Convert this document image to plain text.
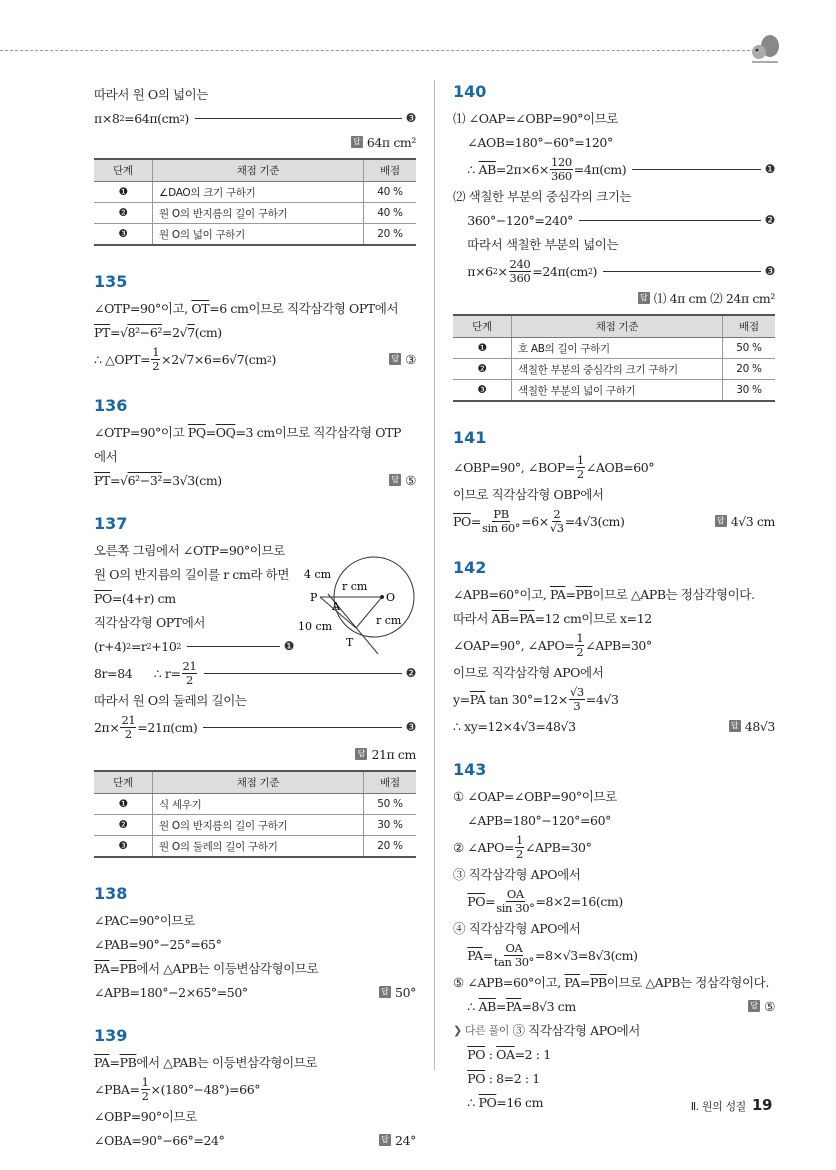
따라서 원 O의 넓이는
π×8 2 =64π(cm 2 )	❸
답 64π cm²
단계	채점 기준	배점
❶	∠DAO의 크기 구하기	40 %
❷	원 O의 반지름의 길이 구하기	40 %
❸	원 O의 넓이 구하기	20 %
135
∠OTP=90°이고, $\overline{OT} =6$ cm이므로 직각삼각형 OPT에서
$\overline{PT}$ =√ 8²−6² =2√ 7 (cm)
∴ △OPT= $\frac{1}{2} \times 2√7\times 6=6√7(cm$ 2 )	답 ③
136
∠OTP=90°이고 $\overline{PQ} = \overline{OQ} =3$ cm이므로 직각삼각형 OTP
에서
$\overline{PT}$ =√ 6²−3² =3√3(cm)	답 ⑤
137
오른쪽 그림에서 ∠OTP=90°이므로
원 O의 반지름의 길이를 r cm라 하면
$\overline{PO} =(4+r)$ cm
직각삼각형 OPT에서
(r+4) 2 =r 2 +10 2	❶
8r=84      ∴ $r= \frac{21}{2}$	❷
따라서 원 O의 둘레의 길이는
$2\pi\times \frac{21}{2} =21\pi(cm)$	❸
답 21π cm
단계	채점 기준	배점
❶	식 세우기	50 %
❷	원 O의 반지름의 길이 구하기	30 %
❸	원 O의 둘레의 길이 구하기	20 %
4 cm
r cm
P
A
O
10 cm	r cm
T
138
∠PAC=90°이므로
∠PAB=90°−25°=65°
$\overline{PA} = \overline{PB}$ 에서 △APB는 이등변삼각형이므로
∠APB=180°−2×65°=50°	답 50°
139
$\overline{PA} = \overline{PB}$ 에서 △PAB는 이등변삼각형이므로
∠PBA= $\frac{1}{2} \times(180^\circ-48^\circ)=66^\circ$
∠OBP=90°이므로
∠OBA=90°−66°=24°	답 24°
140
⑴ ∠OAP=∠OBP=90°이므로
∠AOB=180°−60°=120°
∴ $\overline{AB} =2\pi\times 6\times \frac{120}{360} =4\pi(cm)$	❶
⑵ 색칠한 부분의 중심각의 크기는
360°−120°=240°	❷
따라서 색칠한 부분의 넓이는
π×6 $2 \times \frac{240}{360} =24\pi(cm$ 2 )	❸
답 ⑴ 4π cm ⑵ 24π cm²
단계	채점 기준	배점
❶	호 AB의 길이 구하기	50 %
❷	색칠한 부분의 중심각의 크기 구하기	20 %
❸	색칠한 부분의 넓이 구하기	30 %
141
∠OBP=90°, ∠BOP= $\frac{1}{2}$ ∠AOB=60°
이므로 직각삼각형 OBP에서
$\overline{PO} = \frac{PB}{\sin 60^\circ} =6\times \frac{2}{√3} =4√3(cm)$	답 4√3 cm
142
∠APB=60°이고, $\overline{PA} = \overline{PB}$ 이므로 △APB는 정삼각형이다.
따라서 $\overline{AB} = \overline{PA} =12$ cm이므로 x=12
∠OAP=90°, ∠APO= $\frac{1}{2}$ ∠APB=30°
이므로 직각삼각형 APO에서
$y= \overline{PA}$ $\tan 30^\circ=12\times \frac{√3}{3} =4√3$
∴ xy=12×4√3=48√3	답 48√3
143
① ∠OAP=∠OBP=90°이므로
∠APB=180°−120°=60°
② ∠APO= $\frac{1}{2}$ ∠APB=30°
③ 직각삼각형 APO에서

$\overline{PO} = \frac{OA}{\sin 30^\circ} =8\times 2=16(cm)$
④ 직각삼각형 APO에서

$\overline{PA} = \frac{OA}{\tan 30^\circ} =8\times√3=8√3(cm)$
⑤ ∠APB=60°이고, $\overline{PA} = \overline{PB}$ 이므로 △APB는 정삼각형이다.
∴ $\overline{AB} = \overline{PA} =8√3$ cm	답 ⑤
❯ 다른 풀이 ③ 직각삼각형 APO에서

$\overline{PO}$ : $\overline{OA} =2$ : 1

$\overline{PO}$ : 8=2 : 1
∴ $\overline{PO} =16$ cm	Ⅱ. 원의 성질 19
